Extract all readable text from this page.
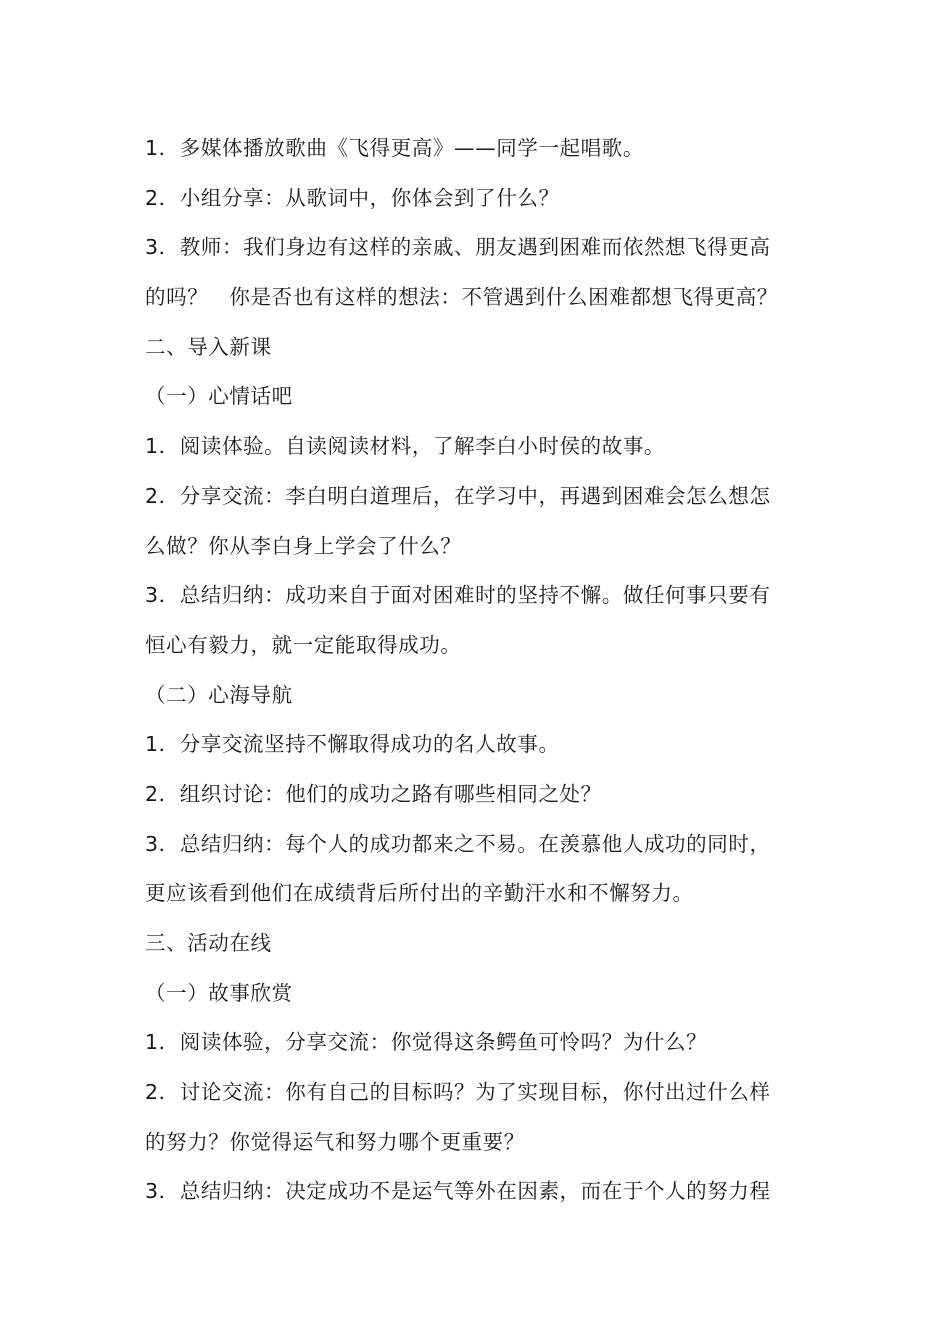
1．多媒体播放歌曲《飞得更高》——同学一起唱歌。
2．小组分享：从歌词中，你体会到了什么？
3．教师：我们身边有这样的亲戚、朋友遇到困难而依然想飞得更高
的吗？　你是否也有这样的想法：不管遇到什么困难都想飞得更高？
二、导入新课
（一）心情话吧
1．阅读体验。自读阅读材料，了解李白小时侯的故事。
2．分享交流：李白明白道理后，在学习中，再遇到困难会怎么想怎
么做？你从李白身上学会了什么？
3．总结归纳：成功来自于面对困难时的坚持不懈。做任何事只要有
恒心有毅力，就一定能取得成功。
（二）心海导航
1．分享交流坚持不懈取得成功的名人故事。
2．组织讨论：他们的成功之路有哪些相同之处？
3．总结归纳：每个人的成功都来之不易。在羡慕他人成功的同时，
更应该看到他们在成绩背后所付出的辛勤汗水和不懈努力。
三、活动在线
（一）故事欣赏
1．阅读体验，分享交流：你觉得这条鳄鱼可怜吗？为什么？
2．讨论交流：你有自己的目标吗？为了实现目标，你付出过什么样
的努力？你觉得运气和努力哪个更重要？
3．总结归纳：决定成功不是运气等外在因素，而在于个人的努力程
